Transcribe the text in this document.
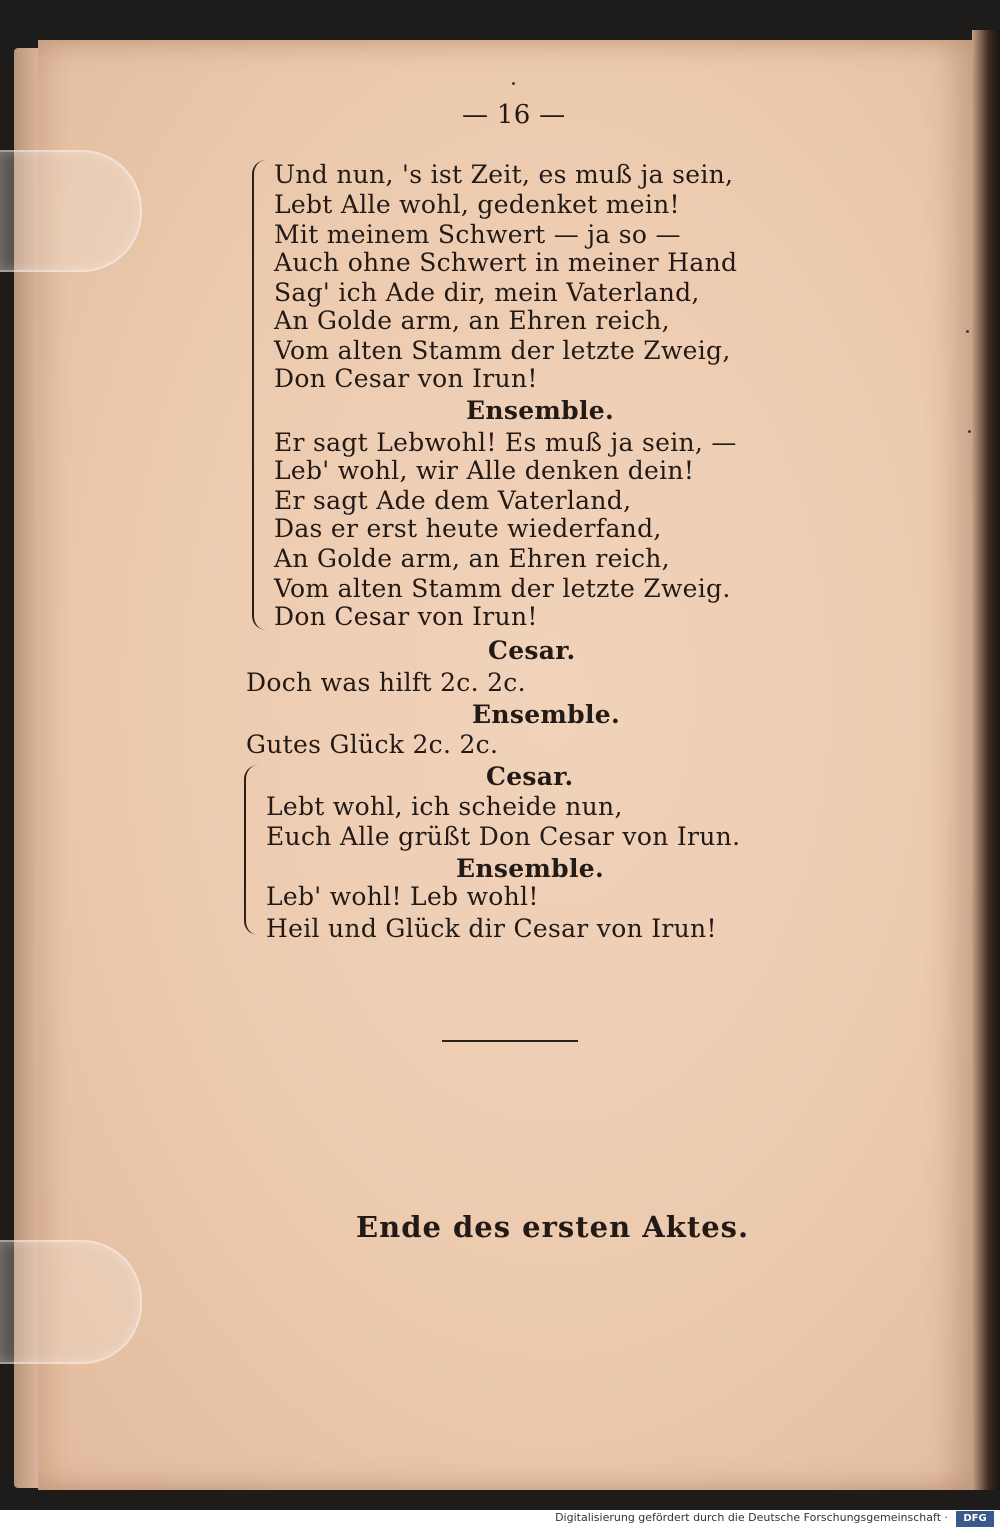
— 16 —
Und nun, 's ist Zeit, es muß ja sein,
Lebt Alle wohl, gedenket mein!
Mit meinem Schwert — ja so —
Auch ohne Schwert in meiner Hand
Sag' ich Ade dir, mein Vaterland,
An Golde arm, an Ehren reich,
Vom alten Stamm der letzte Zweig,
Don Cesar von Irun!
Ensemble.
Er sagt Lebwohl! Es muß ja sein, —
Leb' wohl, wir Alle denken dein!
Er sagt Ade dem Vaterland,
Das er erst heute wiederfand,
An Golde arm, an Ehren reich,
Vom alten Stamm der letzte Zweig.
Don Cesar von Irun!
Cesar.
Doch was hilft 2c. 2c.
Ensemble.
Gutes Glück 2c. 2c.
Cesar.
Lebt wohl, ich scheide nun,
Euch Alle grüßt Don Cesar von Irun.
Ensemble.
Leb' wohl! Leb wohl!
Heil und Glück dir Cesar von Irun!
Ende des ersten Aktes.
Digitalisierung gefördert durch die Deutsche Forschungsgemeinschaft ·	DFG
